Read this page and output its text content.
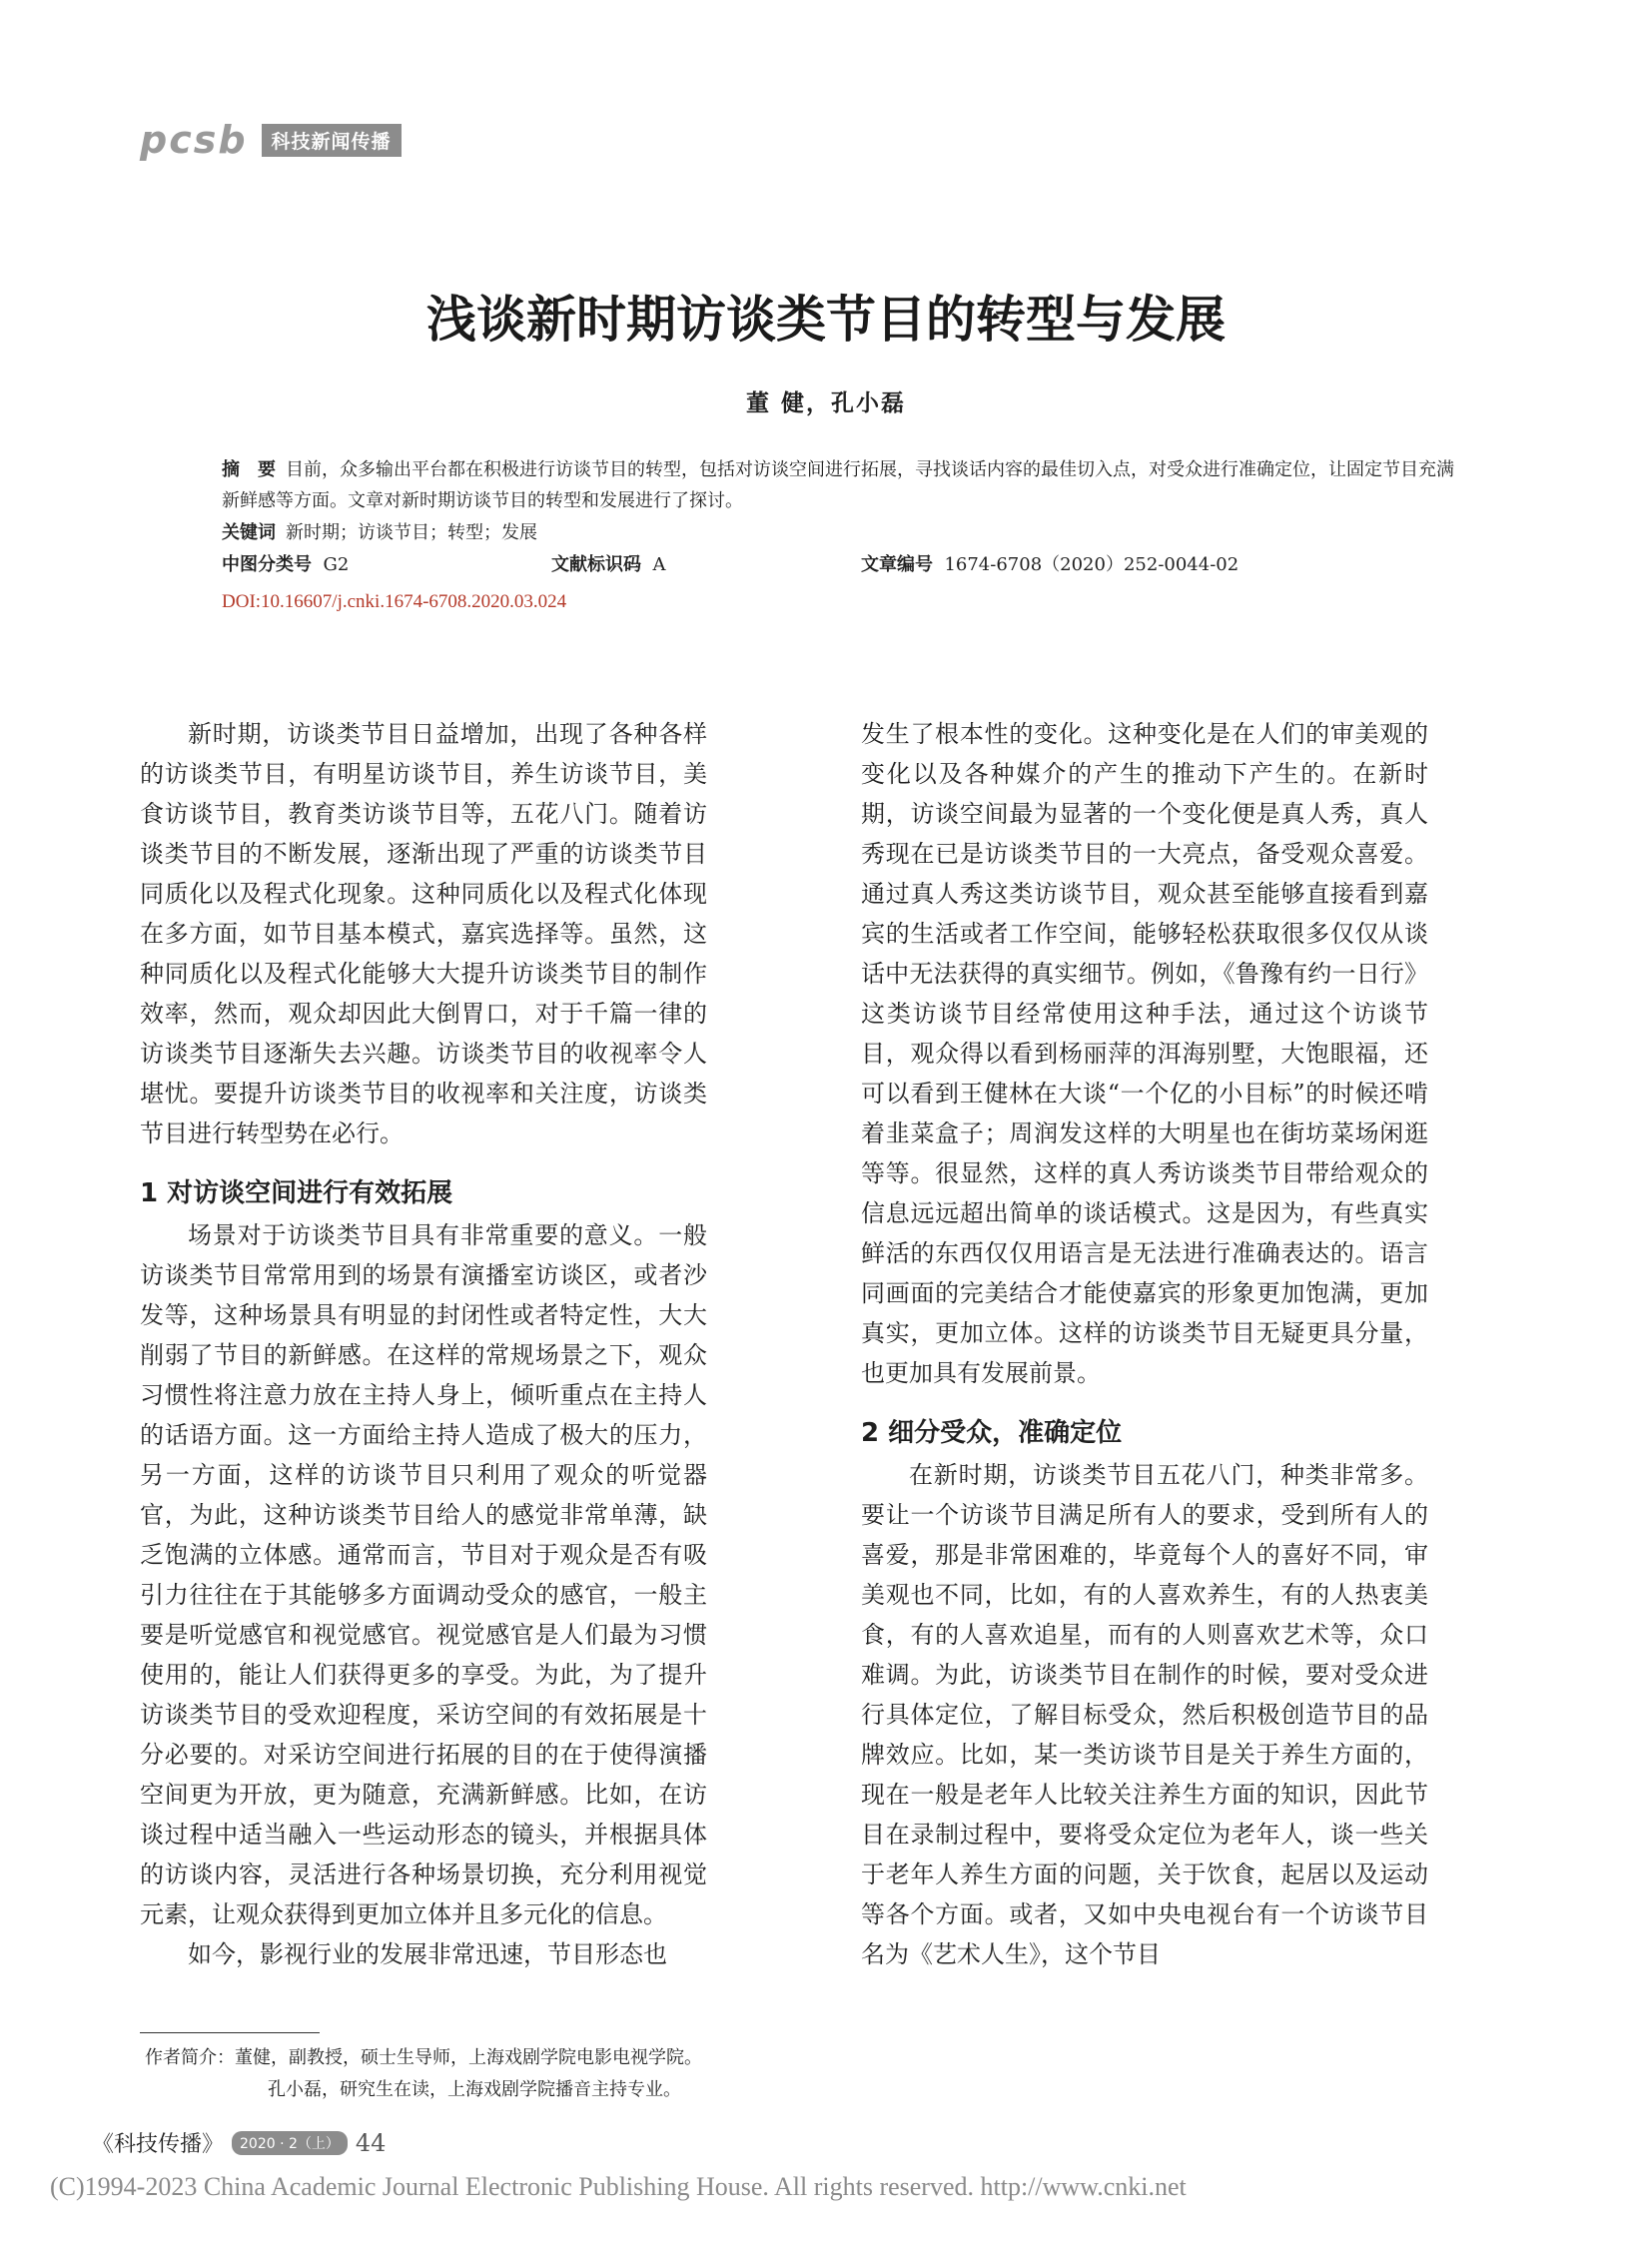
pcsb	科技新闻传播
浅谈新时期访谈类节目的转型与发展
董 健，孔小磊
摘　要 目前，众多输出平台都在积极进行访谈节目的转型，包括对访谈空间进行拓展，寻找谈话内容的最佳切入点，对受众进行准确定位，让固定节目充满新鲜感等方面。文章对新时期访谈节目的转型和发展进行了探讨。
关键词 新时期；访谈节目；转型；发展
中图分类号 G2	文献标识码 A	文章编号 1674-6708（2020）252-0044-02
DOI:10.16607/j.cnki.1674-6708.2020.03.024

新时期，访谈类节目日益增加，出现了各种各样的访谈类节目，有明星访谈节目，养生访谈节目，美食访谈节目，教育类访谈节目等，五花八门。随着访谈类节目的不断发展，逐渐出现了严重的访谈类节目同质化以及程式化现象。这种同质化以及程式化体现在多方面，如节目基本模式，嘉宾选择等。虽然，这种同质化以及程式化能够大大提升访谈类节目的制作效率，然而，观众却因此大倒胃口，对于千篇一律的访谈类节目逐渐失去兴趣。访谈类节目的收视率令人堪忧。要提升访谈类节目的收视率和关注度，访谈类节目进行转型势在必行。

1 对访谈空间进行有效拓展

场景对于访谈类节目具有非常重要的意义。一般访谈类节目常常用到的场景有演播室访谈区，或者沙发等，这种场景具有明显的封闭性或者特定性，大大削弱了节目的新鲜感。在这样的常规场景之下，观众习惯性将注意力放在主持人身上，倾听重点在主持人的话语方面。这一方面给主持人造成了极大的压力，另一方面，这样的访谈节目只利用了观众的听觉器官，为此，这种访谈类节目给人的感觉非常单薄，缺乏饱满的立体感。通常而言，节目对于观众是否有吸引力往往在于其能够多方面调动受众的感官，一般主要是听觉感官和视觉感官。视觉感官是人们最为习惯使用的，能让人们获得更多的享受。为此，为了提升访谈类节目的受欢迎程度，采访空间的有效拓展是十分必要的。对采访空间进行拓展的目的在于使得演播空间更为开放，更为随意，充满新鲜感。比如，在访谈过程中适当融入一些运动形态的镜头，并根据具体的访谈内容，灵活进行各种场景切换，充分利用视觉元素，让观众获得到更加立体并且多元化的信息。

如今，影视行业的发展非常迅速，节目形态也

发生了根本性的变化。这种变化是在人们的审美观的变化以及各种媒介的产生的推动下产生的。在新时期，访谈空间最为显著的一个变化便是真人秀，真人秀现在已是访谈类节目的一大亮点，备受观众喜爱。通过真人秀这类访谈节目，观众甚至能够直接看到嘉宾的生活或者工作空间，能够轻松获取很多仅仅从谈话中无法获得的真实细节。例如，《鲁豫有约一日行》这类访谈节目经常使用这种手法，通过这个访谈节目，观众得以看到杨丽萍的洱海别墅，大饱眼福，还可以看到王健林在大谈“一个亿的小目标”的时候还啃着韭菜盒子；周润发这样的大明星也在街坊菜场闲逛等等。很显然，这样的真人秀访谈类节目带给观众的信息远远超出简单的谈话模式。这是因为，有些真实鲜活的东西仅仅用语言是无法进行准确表达的。语言同画面的完美结合才能使嘉宾的形象更加饱满，更加真实，更加立体。这样的访谈类节目无疑更具分量，也更加具有发展前景。

2 细分受众，准确定位

在新时期，访谈类节目五花八门，种类非常多。要让一个访谈节目满足所有人的要求，受到所有人的喜爱，那是非常困难的，毕竟每个人的喜好不同，审美观也不同，比如，有的人喜欢养生，有的人热衷美食，有的人喜欢追星，而有的人则喜欢艺术等，众口难调。为此，访谈类节目在制作的时候，要对受众进行具体定位，了解目标受众，然后积极创造节目的品牌效应。比如，某一类访谈节目是关于养生方面的，现在一般是老年人比较关注养生方面的知识，因此节目在录制过程中，要将受众定位为老年人，谈一些关于老年人养生方面的问题，关于饮食，起居以及运动等各个方面。或者，又如中央电视台有一个访谈节目名为《艺术人生》，这个节目

作者简介：董健，副教授，硕士生导师，上海戏剧学院电影电视学院。
孔小磊，研究生在读，上海戏剧学院播音主持专业。
《科技传播》	2020 · 2（上） 44
(C)1994-2023 China Academic Journal Electronic Publishing House. All rights reserved. http://www.cnki.net
